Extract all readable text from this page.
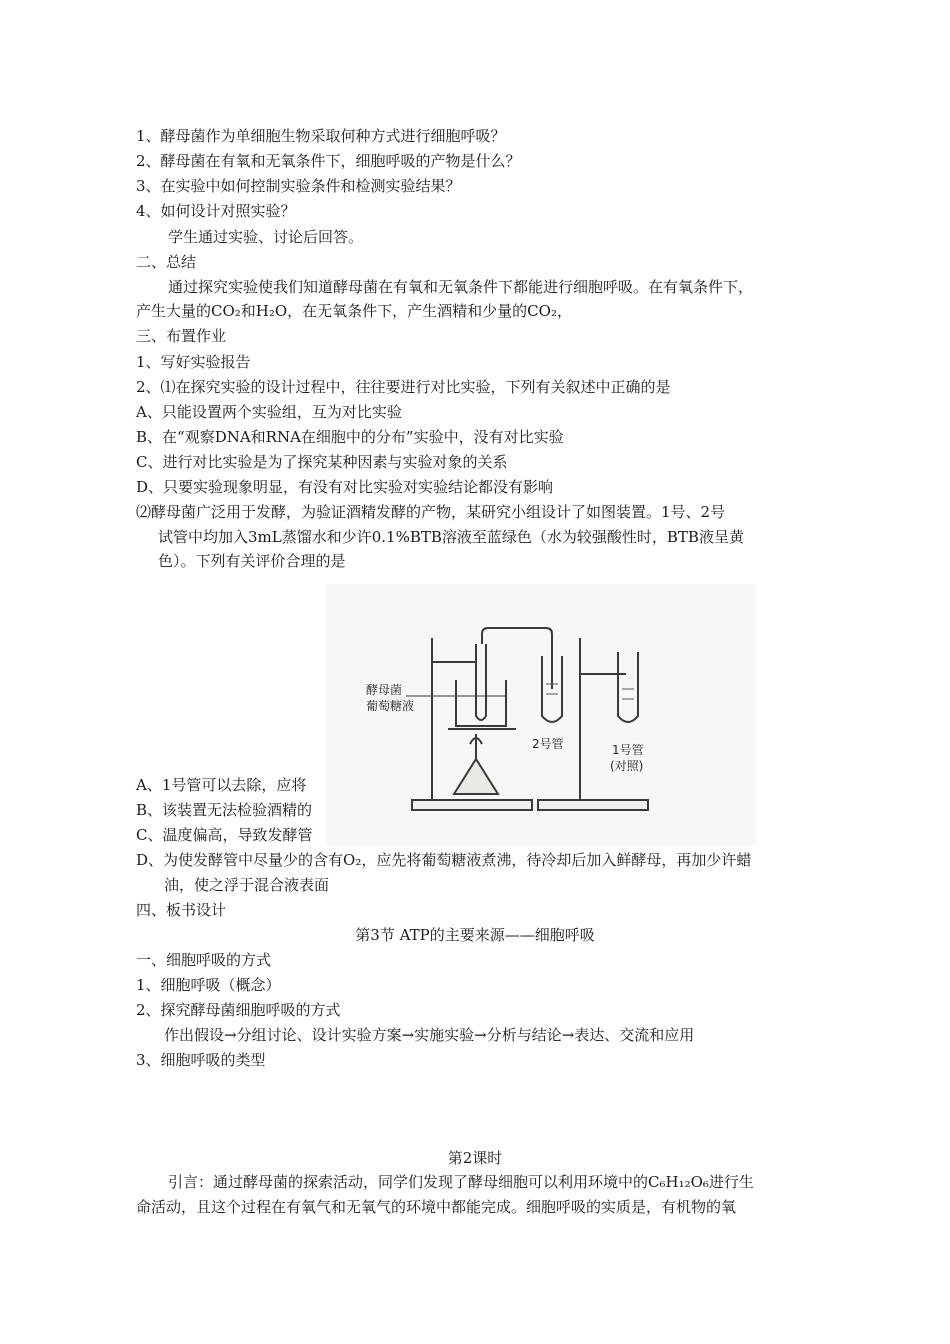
1、酵母菌作为单细胞生物采取何种方式进行细胞呼吸？
2、酵母菌在有氧和无氧条件下，细胞呼吸的产物是什么？
3、在实验中如何控制实验条件和检测实验结果？
4、如何设计对照实验？
学生通过实验、讨论后回答。
二、总结
通过探究实验使我们知道酵母菌在有氧和无氧条件下都能进行细胞呼吸。在有氧条件下，
产生大量的CO₂和H₂O，在无氧条件下，产生酒精和少量的CO₂，
三、布置作业
1、写好实验报告
2、⑴在探究实验的设计过程中，往往要进行对比实验，下列有关叙述中正确的是
A、只能设置两个实验组，互为对比实验
B、在“观察DNA和RNA在细胞中的分布”实验中，没有对比实验
C、进行对比实验是为了探究某种因素与实验对象的关系
D、只要实验现象明显，有没有对比实验对实验结论都没有影响
⑵酵母菌广泛用于发酵，为验证酒精发酵的产物，某研究小组设计了如图装置。1号、2号
试管中均加入3mL蒸馏水和少许0.1%BTB溶液至蓝绿色（水为较强酸性时，BTB液呈黄
色）。下列有关评价合理的是
A、1号管可以去除，应将
B、该装置无法检验酒精的
C、温度偏高，导致发酵管
D、为使发酵管中尽量少的含有O₂，应先将葡萄糖液煮沸，待冷却后加入鲜酵母，再加少许蜡
油，使之浮于混合液表面
酵母菌
葡萄糖液
2号管	1号管
(对照)
四、板书设计
第3节 ATP的主要来源——细胞呼吸
一、细胞呼吸的方式
1、细胞呼吸（概念）
2、探究酵母菌细胞呼吸的方式
作出假设→分组讨论、设计实验方案→实施实验→分析与结论→表达、交流和应用
3、细胞呼吸的类型
第2课时
引言：通过酵母菌的探索活动，同学们发现了酵母细胞可以利用环境中的C₆H₁₂O₆进行生
命活动，且这个过程在有氧气和无氧气的环境中都能完成。细胞呼吸的实质是，有机物的氧
